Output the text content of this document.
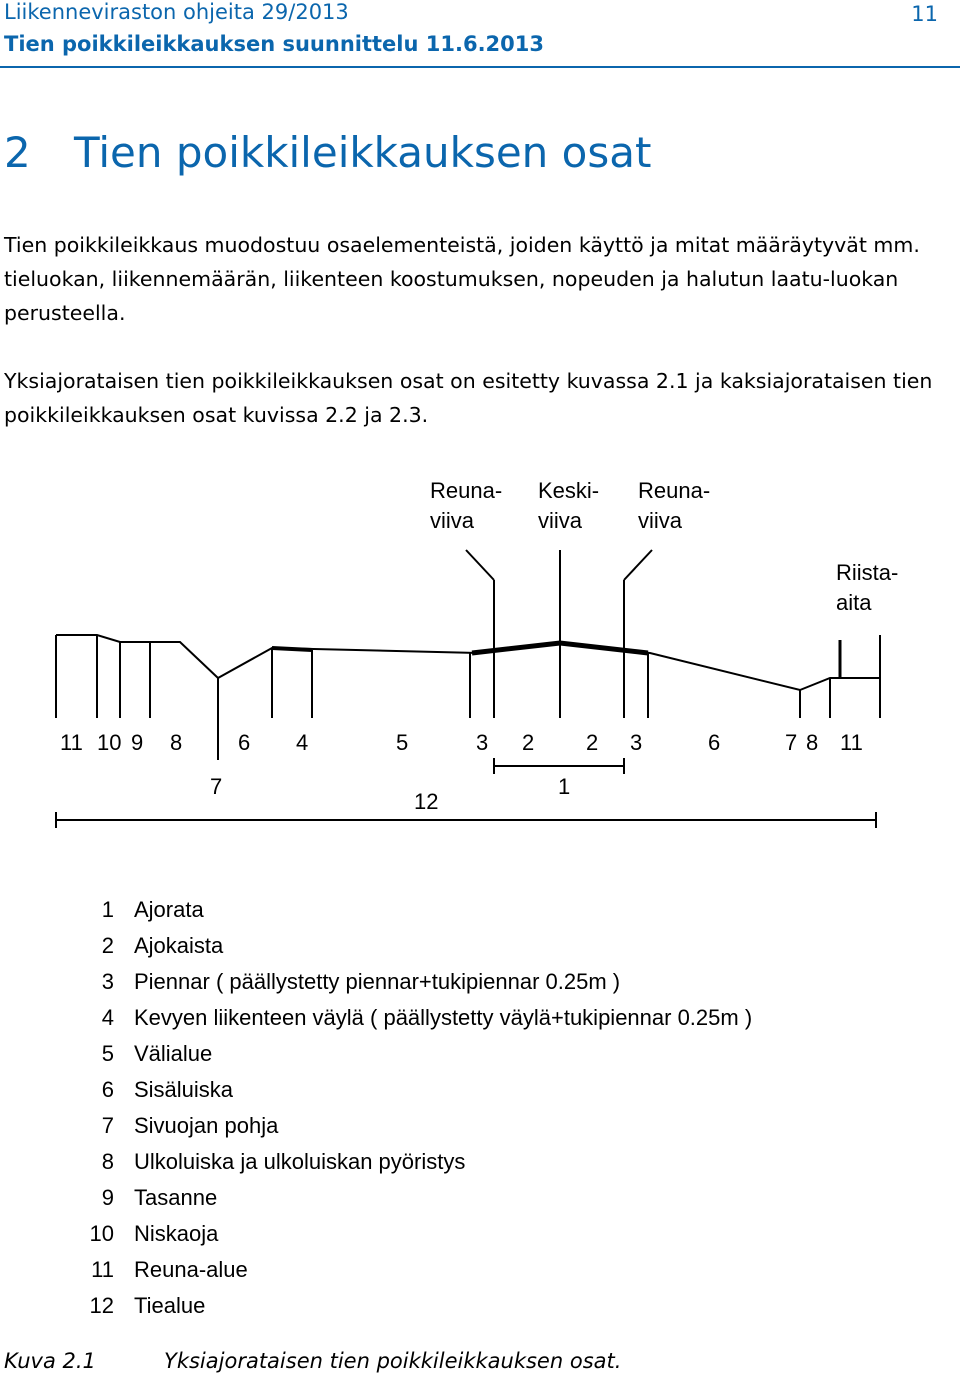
Liikenneviraston ohjeita 29/2013
Tien poikkileikkauksen suunnittelu 11.6.2013
11
2 Tien poikkileikkauksen osat

Tien poikkileikkaus muodostuu osaelementeistä, joiden käyttö ja mitat määräytyvät mm. tieluokan, liikennemäärän, liikenteen koostumuksen, nopeuden ja halutun laatu-luokan perusteella.

Yksiajorataisen tien poikkileikkauksen osat on esitetty kuvassa 2.1 ja kaksiajorataisen tien poikkileikkauksen osat kuvissa 2.2 ja 2.3.

Reuna-
viiva
Keski-
viiva
Reuna-
viiva
Riista-
aita
11 10 9 8	6 4	5	3 2 2 3	6	7 8 11
7	1
12
1 Ajorata
2 Ajokaista
3 Piennar ( päällystetty piennar+tukipiennar 0.25m )
4 Kevyen liikenteen väylä ( päällystetty väylä+tukipiennar 0.25m )
5 Välialue
6 Sisäluiska
7 Sivuojan pohja
8 Ulkoluiska ja ulkoluiskan pyöristys
9 Tasanne
10 Niskaoja
11 Reuna-alue
12 Tiealue
Kuva 2.1	Yksiajorataisen tien poikkileikkauksen osat.
